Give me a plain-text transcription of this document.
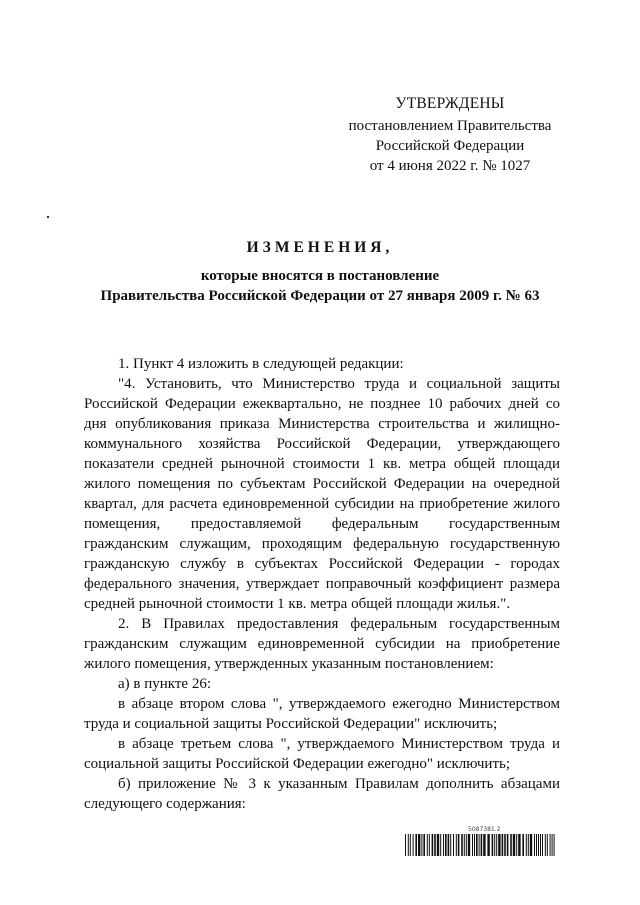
УТВЕРЖДЕНЫ
постановлением Правительства
Российской Федерации
от 4 июня 2022 г. № 1027
ИЗМЕНЕНИЯ,
которые вносятся в постановление
Правительства Российской Федерации от 27 января 2009 г. № 63

1. Пункт 4 изложить в следующей редакции:

"4. Установить, что Министерство труда и социальной защиты Российской Федерации ежеквартально, не позднее 10 рабочих дней со дня опубликования приказа Министерства строительства и жилищно-коммунального хозяйства Российской Федерации, утверждающего показатели средней рыночной стоимости 1 кв. метра общей площади жилого помещения по субъектам Российской Федерации на очередной квартал, для расчета единовременной субсидии на приобретение жилого помещения, предоставляемой федеральным государственным гражданским служащим, проходящим федеральную государственную гражданскую службу в субъектах Российской Федерации - городах федерального значения, утверждает поправочный коэффициент размера средней рыночной стоимости 1 кв. метра общей площади жилья.".

2. В Правилах предоставления федеральным государственным гражданским служащим единовременной субсидии на приобретение жилого помещения, утвержденных указанным постановлением:

а) в пункте 26:

в абзаце втором слова ", утверждаемого ежегодно Министерством труда и социальной защиты Российской Федерации" исключить;

в абзаце третьем слова ", утверждаемого Министерством труда и социальной защиты Российской Федерации ежегодно" исключить;

б) приложение № 3 к указанным Правилам дополнить абзацами следующего содержания:

5087381.2
